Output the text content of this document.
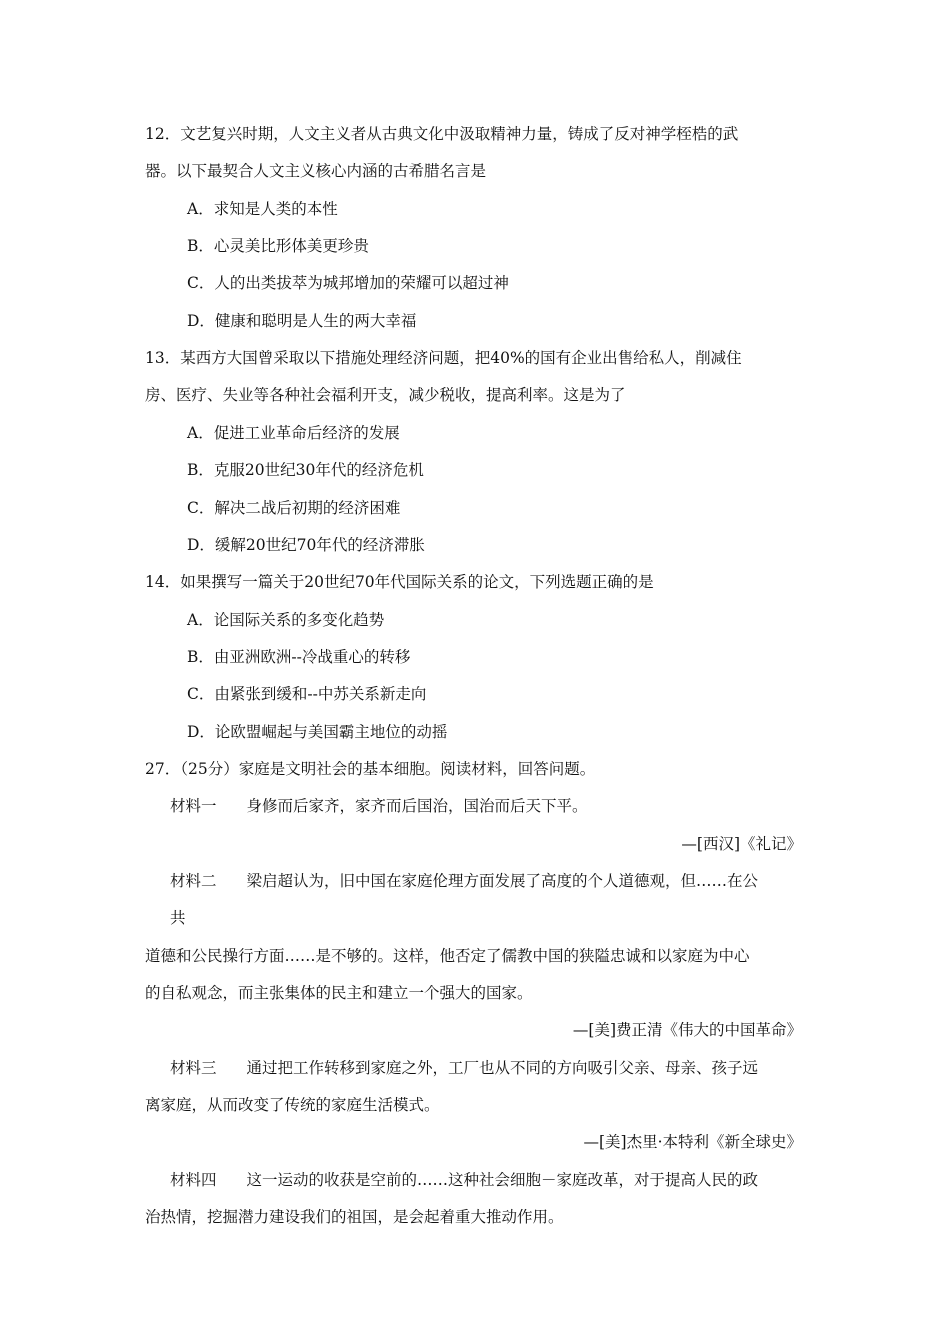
12．文艺复兴时期，人文主义者从古典文化中汲取精神力量，铸成了反对神学桎梏的武
器。以下最契合人文主义核心内涵的古希腊名言是
A．求知是人类的本性
B．心灵美比形体美更珍贵
C．人的出类拔萃为城邦增加的荣耀可以超过神
D．健康和聪明是人生的两大幸福
13．某西方大国曾采取以下措施处理经济问题，把40%的国有企业出售给私人，削减住
房、医疗、失业等各种社会福利开支，减少税收，提高利率。这是为了
A．促进工业革命后经济的发展
B．克服20世纪30年代的经济危机
C．解决二战后初期的经济困难
D．缓解20世纪70年代的经济滞胀
14．如果撰写一篇关于20世纪70年代国际关系的论文，下列选题正确的是
A．论国际关系的多变化趋势
B．由亚洲欧洲--冷战重心的转移
C．由紧张到缓和--中苏关系新走向
D．论欧盟崛起与美国霸主地位的动摇
27．（25分）家庭是文明社会的基本细胞。阅读材料，回答问题。
材料一 身修而后家齐，家齐而后国治，国治而后天下平。
—[西汉]《礼记》
材料二 梁启超认为，旧中国在家庭伦理方面发展了高度的个人道德观，但……在公
共
道德和公民操行方面……是不够的。这样，他否定了儒教中国的狭隘忠诚和以家庭为中心
的自私观念，而主张集体的民主和建立一个强大的国家。
—[美]费正清《伟大的中国革命》
材料三 通过把工作转移到家庭之外，工厂也从不同的方向吸引父亲、母亲、孩子远
离家庭，从而改变了传统的家庭生活模式。
—[美]杰里·本特利《新全球史》
材料四 这一运动的收获是空前的……这种社会细胞－家庭改革，对于提高人民的政
治热情，挖掘潜力建设我们的祖国，是会起着重大推动作用。
